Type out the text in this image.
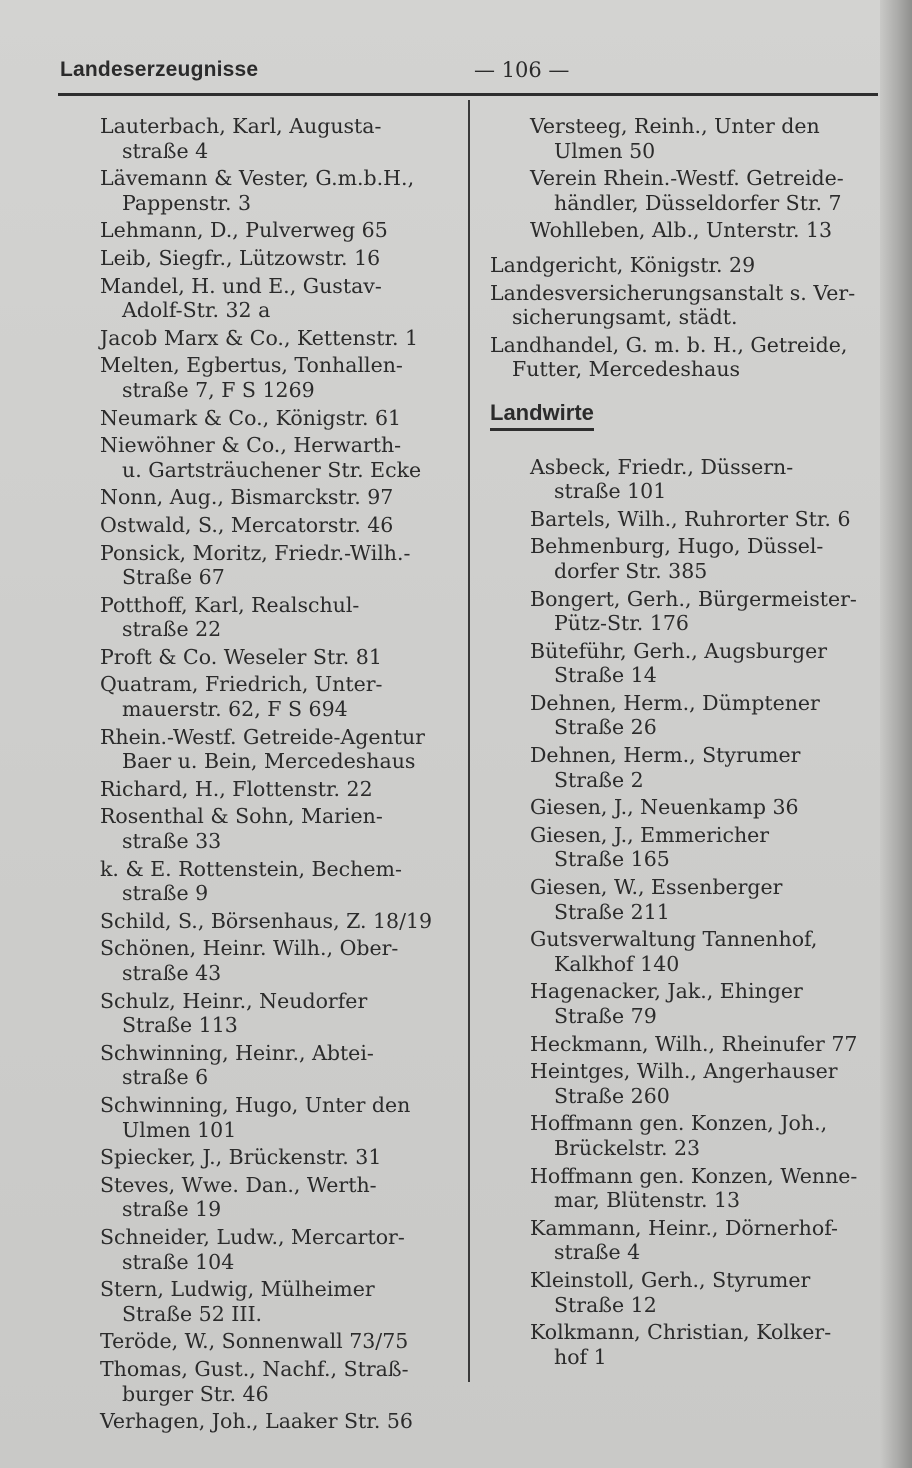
Landeserzeugnisse	— 106 —
Lauterbach, Karl, Augusta-
straße 4
Lävemann & Vester, G.m.b.H.,
Pappenstr. 3
Lehmann, D., Pulverweg 65
Leib, Siegfr., Lützowstr. 16
Mandel, H. und E., Gustav-
Adolf-Str. 32 a
Jacob Marx & Co., Kettenstr. 1
Melten, Egbertus, Tonhallen-
straße 7, F S 1269
Neumark & Co., Königstr. 61
Niewöhner & Co., Herwarth-
u. Gartsträuchener Str. Ecke
Nonn, Aug., Bismarckstr. 97
Ostwald, S., Mercatorstr. 46
Ponsick, Moritz, Friedr.-Wilh.-
Straße 67
Potthoff, Karl, Realschul-
straße 22
Proft & Co. Weseler Str. 81
Quatram, Friedrich, Unter-
mauerstr. 62, F S 694
Rhein.-Westf. Getreide-Agentur
Baer u. Bein, Mercedeshaus
Richard, H., Flottenstr. 22
Rosenthal & Sohn, Marien-
straße 33
k. & E. Rottenstein, Bechem-
straße 9
Schild, S., Börsenhaus, Z. 18/19
Schönen, Heinr. Wilh., Ober-
straße 43
Schulz, Heinr., Neudorfer
Straße 113
Schwinning, Heinr., Abtei-
straße 6
Schwinning, Hugo, Unter den
Ulmen 101
Spiecker, J., Brückenstr. 31
Steves, Wwe. Dan., Werth-
straße 19
Schneider, Ludw., Mercartor-
straße 104
Stern, Ludwig, Mülheimer
Straße 52 III.
Teröde, W., Sonnenwall 73/75
Thomas, Gust., Nachf., Straß-
burger Str. 46
Verhagen, Joh., Laaker Str. 56
Versteeg, Reinh., Unter den
Ulmen 50
Verein Rhein.-Westf. Getreide-
händler, Düsseldorfer Str. 7
Wohlleben, Alb., Unterstr. 13
Landgericht, Königstr. 29
Landesversicherungsanstalt s. Ver-
sicherungsamt, städt.
Landhandel, G. m. b. H., Getreide,
Futter, Mercedeshaus
Landwirte
Asbeck, Friedr., Düssern-
straße 101
Bartels, Wilh., Ruhrorter Str. 6
Behmenburg, Hugo, Düssel-
dorfer Str. 385
Bongert, Gerh., Bürgermeister-
Pütz-Str. 176
Büteführ, Gerh., Augsburger
Straße 14
Dehnen, Herm., Dümptener
Straße 26
Dehnen, Herm., Styrumer
Straße 2
Giesen, J., Neuenkamp 36
Giesen, J., Emmericher
Straße 165
Giesen, W., Essenberger
Straße 211
Gutsverwaltung Tannenhof,
Kalkhof 140
Hagenacker, Jak., Ehinger
Straße 79
Heckmann, Wilh., Rheinufer 77
Heintges, Wilh., Angerhauser
Straße 260
Hoffmann gen. Konzen, Joh.,
Brückelstr. 23
Hoffmann gen. Konzen, Wenne-
mar, Blütenstr. 13
Kammann, Heinr., Dörnerhof-
straße 4
Kleinstoll, Gerh., Styrumer
Straße 12
Kolkmann, Christian, Kolker-
hof 1
